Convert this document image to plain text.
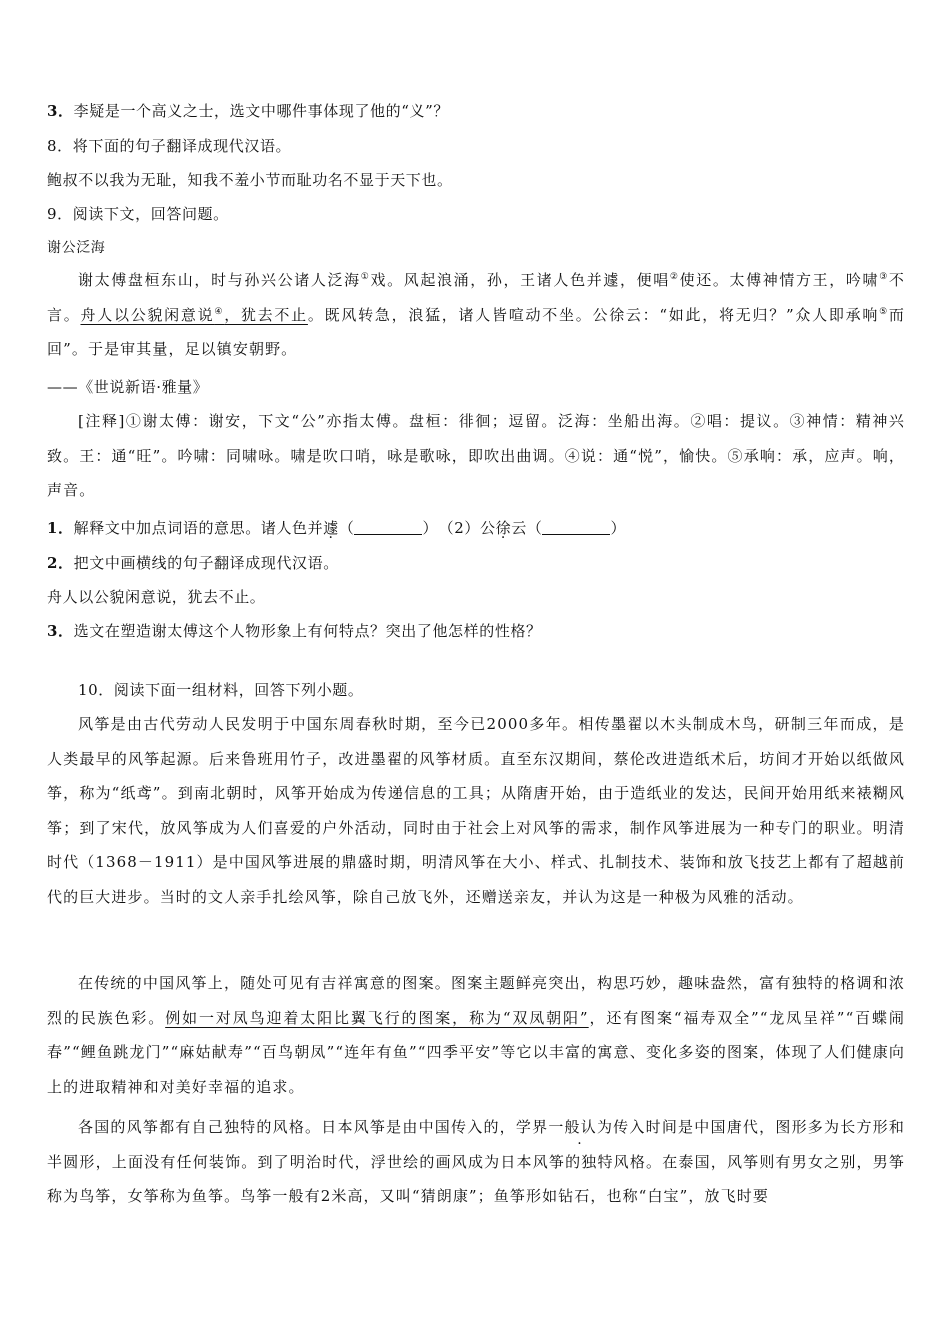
3．李疑是一个高义之士，选文中哪件事体现了他的“义”？
8．将下面的句子翻译成现代汉语。
鲍叔不以我为无耻，知我不羞小节而耻功名不显于天下也。
9．阅读下文，回答问题。
谢公泛海
谢太傅盘桓东山，时与孙兴公诸人泛海①戏。风起浪涌，孙，王诸人色并遽，便唱②使还。太傅神情方王，吟啸③不言。舟人以公貌闲意说④，犹去不止。既风转急，浪猛，诸人皆喧动不坐。公徐云：“如此，将无归？”众人即承响⑤而回”。于是审其量，足以镇安朝野。
——《世说新语·雅量》
[注释]①谢太傅：谢安，下文“公”亦指太傅。盘桓：徘徊；逗留。泛海：坐船出海。②唱：提议。③神情：精神兴致。王：通“旺”。吟啸：同啸咏。啸是吹口哨，咏是歌咏，即吹出曲调。④说：通“悦”，愉快。⑤承响：承，应声。响，声音。
1．解释文中加点词语的意思。诸人色并遽（	）　（2）公徐云（	）
2．把文中画横线的句子翻译成现代汉语。
舟人以公貌闲意说，犹去不止。
3．选文在塑造谢太傅这个人物形象上有何特点？突出了他怎样的性格？
10．阅读下面一组材料，回答下列小题。
风筝是由古代劳动人民发明于中国东周春秋时期，至今已2000多年。相传墨翟以木头制成木鸟，研制三年而成，是人类最早的风筝起源。后来鲁班用竹子，改进墨翟的风筝材质。直至东汉期间，蔡伦改进造纸术后，坊间才开始以纸做风筝，称为“纸鸢”。到南北朝时，风筝开始成为传递信息的工具；从隋唐开始，由于造纸业的发达，民间开始用纸来裱糊风筝；到了宋代，放风筝成为人们喜爱的户外活动，同时由于社会上对风筝的需求，制作风筝进展为一种专门的职业。明清时代（1368－1911）是中国风筝进展的鼎盛时期，明清风筝在大小、样式、扎制技术、装饰和放飞技艺上都有了超越前代的巨大进步。当时的文人亲手扎绘风筝，除自己放飞外，还赠送亲友，并认为这是一种极为风雅的活动。
在传统的中国风筝上，随处可见有吉祥寓意的图案。图案主题鲜亮突出，构思巧妙，趣味盎然，富有独特的格调和浓烈的民族色彩。例如一对凤鸟迎着太阳比翼飞行的图案，称为“双凤朝阳”，还有图案“福寿双全”“龙凤呈祥”“百蝶闹春”“鲤鱼跳龙门”“麻姑献寿”“百鸟朝凤”“连年有鱼”“四季平安”等它以丰富的寓意、变化多姿的图案，体现了人们健康向上的进取精神和对美好幸福的追求。
各国的风筝都有自己独特的风格。日本风筝是由中国传入的，学界一般认为传入时间是中国唐代，图形多为长方形和半圆形，上面没有任何装饰。到了明治时代，浮世绘的画风成为日本风筝的独特风格。在泰国，风筝则有男女之别，男筝称为鸟筝，女筝称为鱼筝。鸟筝一般有2米高，又叫“猜朗康”；鱼筝形如钻石，也称“白宝”，放飞时要
